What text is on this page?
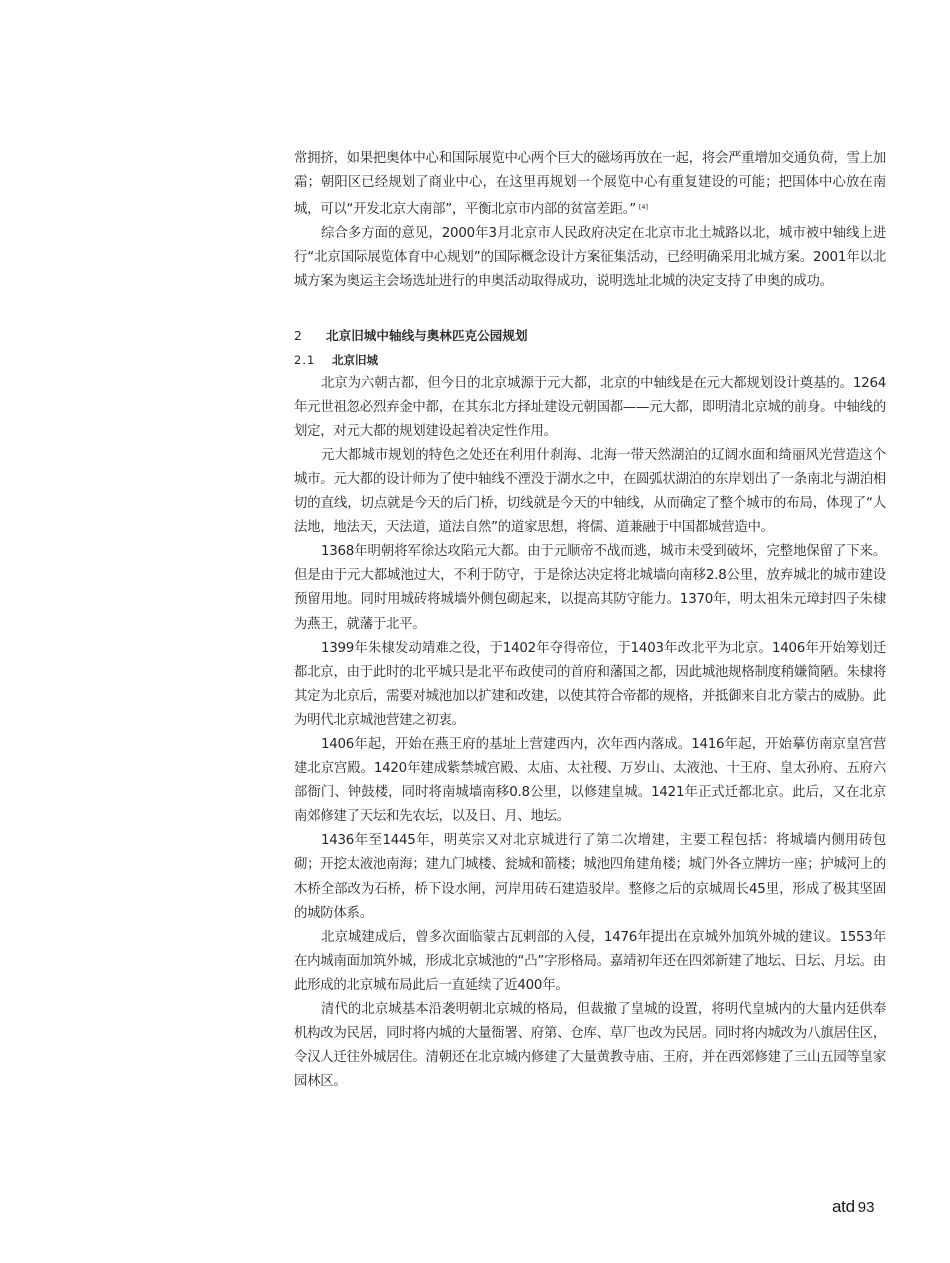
常拥挤，如果把奥体中心和国际展览中心两个巨大的磁场再放在一起，将会严重增加交通负荷，雪上加霜；朝阳区已经规划了商业中心，在这里再规划一个展览中心有重复建设的可能；把国体中心放在南城，可以“开发北京大南部”，平衡北京市内部的贫富差距。” [4]

综合多方面的意见，2000年3月北京市人民政府决定在北京市北土城路以北，城市被中轴线上进行“北京国际展览体育中心规划”的国际概念设计方案征集活动，已经明确采用北城方案。2001年以北城方案为奥运主会场选址进行的申奥活动取得成功，说明选址北城的决定支持了申奥的成功。

2 北京旧城中轴线与奥林匹克公园规划
2.1 北京旧城

北京为六朝古都，但今日的北京城源于元大都，北京的中轴线是在元大都规划设计奠基的。1264年元世祖忽必烈弃金中都，在其东北方择址建设元朝国都——元大都，即明清北京城的前身。中轴线的划定，对元大都的规划建设起着决定性作用。

元大都城市规划的特色之处还在利用什刹海、北海一带天然湖泊的辽阔水面和绮丽风光营造这个城市。元大都的设计师为了使中轴线不湮没于湖水之中，在圆弧状湖泊的东岸划出了一条南北与湖泊相切的直线，切点就是今天的后门桥，切线就是今天的中轴线，从而确定了整个城市的布局，体现了“人法地，地法天，天法道，道法自然”的道家思想，将儒、道兼融于中国都城营造中。

1368年明朝将军徐达攻陷元大都。由于元顺帝不战而逃，城市未受到破坏，完整地保留了下来。但是由于元大都城池过大，不利于防守，于是徐达决定将北城墙向南移2.8公里，放弃城北的城市建设预留用地。同时用城砖将城墙外侧包砌起来，以提高其防守能力。1370年，明太祖朱元璋封四子朱棣为燕王，就藩于北平。

1399年朱棣发动靖难之役，于1402年夺得帝位，于1403年改北平为北京。1406年开始筹划迁都北京，由于此时的北平城只是北平布政使司的首府和藩国之都，因此城池规格制度稍嫌简陋。朱棣将其定为北京后，需要对城池加以扩建和改建，以使其符合帝都的规格，并抵御来自北方蒙古的威胁。此为明代北京城池营建之初衷。

1406年起，开始在燕王府的基址上营建西内，次年西内落成。1416年起，开始摹仿南京皇宫营建北京宫殿。1420年建成紫禁城宫殿、太庙、太社稷、万岁山、太液池、十王府、皇太孙府、五府六部衙门、钟鼓楼，同时将南城墙南移0.8公里，以修建皇城。1421年正式迁都北京。此后，又在北京南郊修建了天坛和先农坛，以及日、月、地坛。

1436年至1445年，明英宗又对北京城进行了第二次增建，主要工程包括：将城墙内侧用砖包砌；开挖太液池南海；建九门城楼、瓮城和箭楼；城池四角建角楼；城门外各立牌坊一座；护城河上的木桥全部改为石桥，桥下设水闸，河岸用砖石建造驳岸。整修之后的京城周长45里，形成了极其坚固的城防体系。

北京城建成后，曾多次面临蒙古瓦剌部的入侵，1476年提出在京城外加筑外城的建议。1553年在内城南面加筑外城，形成北京城池的“凸”字形格局。嘉靖初年还在四郊新建了地坛、日坛、月坛。由此形成的北京城布局此后一直延续了近400年。

清代的北京城基本沿袭明朝北京城的格局，但裁撤了皇城的设置，将明代皇城内的大量内廷供奉机构改为民居，同时将内城的大量衙署、府第、仓库、草厂也改为民居。同时将内城改为八旗居住区，令汉人迁往外城居住。清朝还在北京城内修建了大量黄教寺庙、王府，并在西郊修建了三山五园等皇家园林区。

atd 93
